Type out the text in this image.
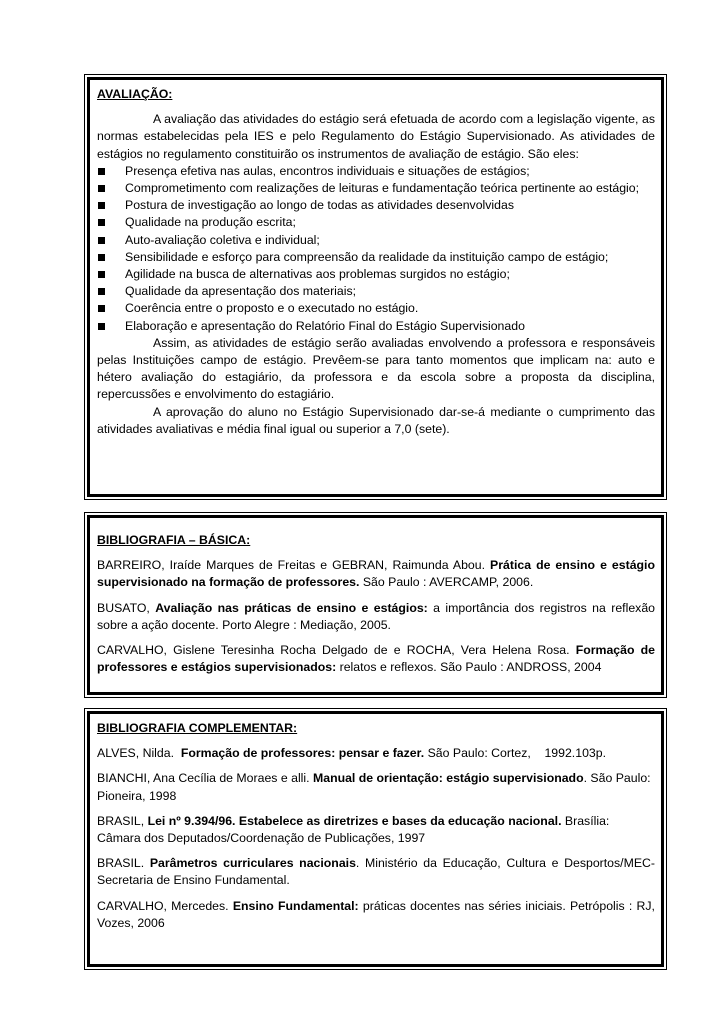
AVALIAÇÃO:

A avaliação das atividades do estágio será efetuada de acordo com a legislação vigente, as normas estabelecidas pela IES e pelo Regulamento do Estágio Supervisionado. As atividades de estágios no regulamento constituirão os instrumentos de avaliação de estágio. São eles:

Presença efetiva nas aulas, encontros individuais e situações de estágios;
Comprometimento com realizações de leituras e fundamentação teórica pertinente ao estágio;
Postura de investigação ao longo de todas as atividades desenvolvidas
Qualidade na produção escrita;
Auto-avaliação coletiva e individual;
Sensibilidade e esforço para compreensão da realidade da instituição campo de estágio;
Agilidade na busca de alternativas aos problemas surgidos no estágio;
Qualidade da apresentação dos materiais;
Coerência entre o proposto e o executado no estágio.
Elaboração e apresentação do Relatório Final do Estágio Supervisionado

Assim, as atividades de estágio serão avaliadas envolvendo a professora e responsáveis pelas Instituições campo de estágio. Prevêem-se para tanto momentos que implicam na: auto e hétero avaliação do estagiário, da professora e da escola sobre a proposta da disciplina, repercussões e envolvimento do estagiário.

A aprovação do aluno no Estágio Supervisionado dar-se-á mediante o cumprimento das atividades avaliativas e média final igual ou superior a 7,0 (sete).

BIBLIOGRAFIA – BÁSICA:

BARREIRO, Iraíde Marques de Freitas e GEBRAN, Raimunda Abou. Prática de ensino e estágio supervisionado na formação de professores. São Paulo : AVERCAMP, 2006.

BUSATO, Avaliação nas práticas de ensino e estágios: a importância dos registros na reflexão sobre a ação docente. Porto Alegre : Mediação, 2005.

CARVALHO, Gislene Teresinha Rocha Delgado de e ROCHA, Vera Helena Rosa. Formação de professores e estágios supervisionados: relatos e reflexos. São Paulo : ANDROSS, 2004

BIBLIOGRAFIA COMPLEMENTAR:

ALVES, Nilda.  Formação de professores: pensar e fazer. São Paulo: Cortez,    1992.103p.

BIANCHI, Ana Cecília de Moraes e alli. Manual de orientação: estágio supervisionado. São Paulo: Pioneira, 1998

BRASIL, Lei nº 9.394/96. Estabelece as diretrizes e bases da educação nacional. Brasília: Câmara dos Deputados/Coordenação de Publicações, 1997

BRASIL. Parâmetros curriculares nacionais. Ministério da Educação, Cultura e Desportos/MEC-Secretaria de Ensino Fundamental.

CARVALHO, Mercedes. Ensino Fundamental: práticas docentes nas séries iniciais. Petrópolis : RJ, Vozes, 2006
